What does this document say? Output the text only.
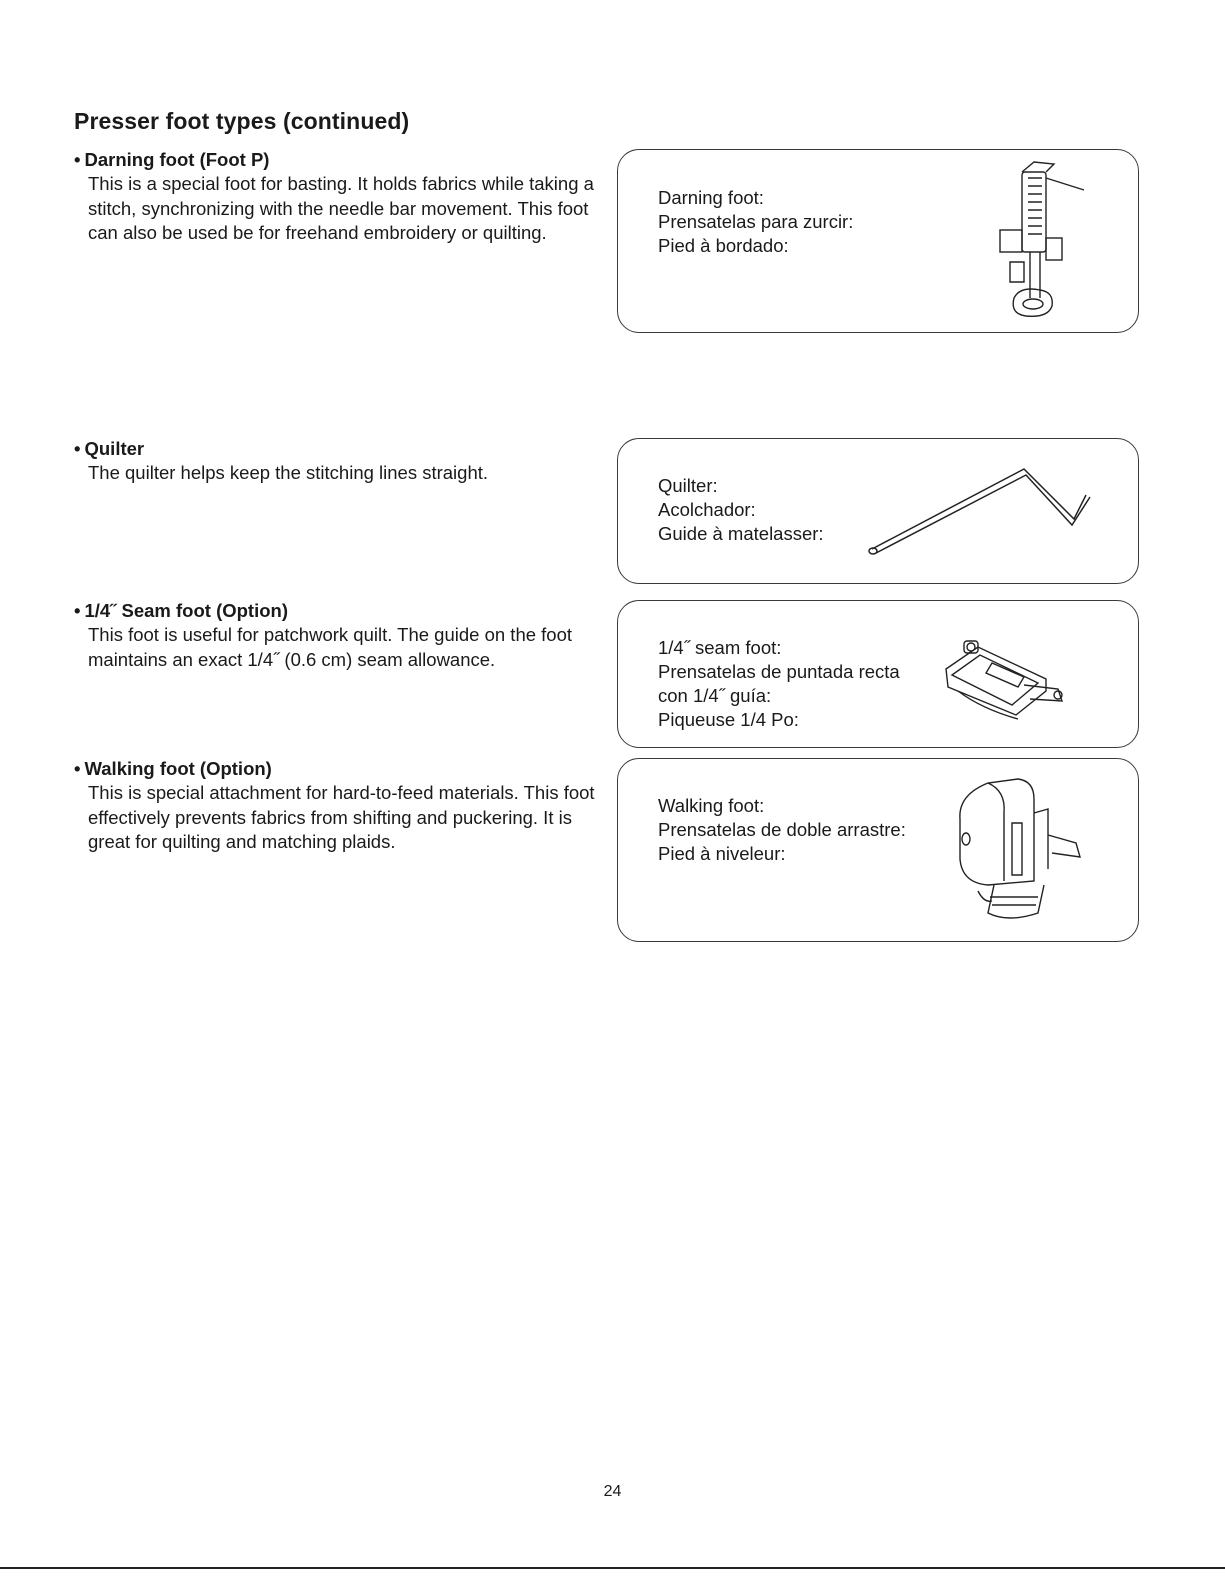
Presser foot types (continued)

• Darning foot (Foot P)

This is a special foot for basting. It holds fabrics while taking a stitch, synchronizing with the needle bar movement. This foot can also be used be for freehand embroidery or quilting.

Darning foot:
Prensatelas para zurcir:
Pied à bordado:

• Quilter

The quilter helps keep the stitching lines straight.

Quilter:
Acolchador:
Guide à matelasser:

• 1/4˝ Seam foot (Option)

This foot is useful for patchwork quilt. The guide on the foot maintains an exact 1/4˝ (0.6 cm) seam allowance.

1/4˝ seam foot:
Prensatelas de puntada recta
con 1/4˝ guía:
Piqueuse 1/4 Po:

• Walking foot (Option)

This is special attachment for hard-to-feed materials. This foot effectively prevents fabrics from shifting and puckering. It is great for quilting and matching plaids.

Walking foot:
Prensatelas de doble arrastre:
Pied à niveleur:
24
